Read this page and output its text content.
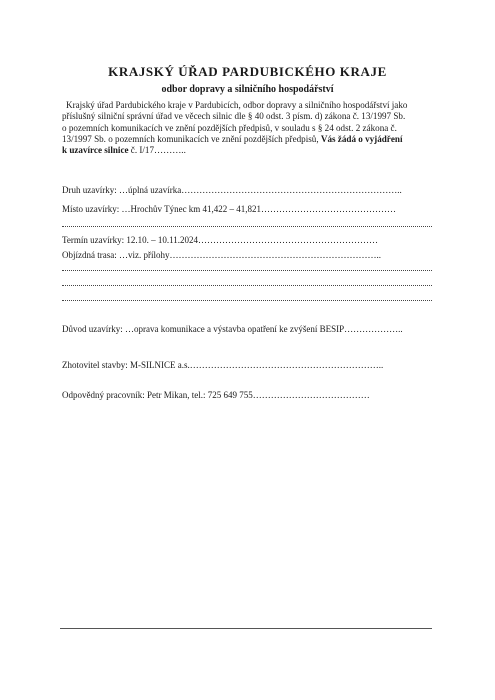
KRAJSKÝ ÚŘAD PARDUBICKÉHO KRAJE
odbor dopravy a silničního hospodářství
Krajský úřad Pardubického kraje v Pardubicích, odbor dopravy a silničního hospodářství jako
příslušný silniční správní úřad ve věcech silnic dle § 40 odst. 3 písm. d) zákona č. 13/1997 Sb.
o pozemních komunikacích ve znění pozdějších předpisů, v souladu s § 24 odst. 2 zákona č.
13/1997 Sb. o pozemních komunikacích ve znění pozdějších předpisů, Vás žádá o vyjádření
k uzavírce silnice č. I/17………..
Druh uzavírky: …úplná uzavírka………………………………………………………………..
Místo uzavírky: …Hrochův Týnec km 41,422 – 41,821………………………………………
Termín uzavírky: 12.10. – 10.11.2024……………………………………………………
Objízdná trasa: …viz. přílohy……………………………………………………………..
Důvod uzavírky: …oprava komunikace a výstavba opatření ke zvýšení BESIP………………..
Zhotovitel stavby: M-SILNICE a.s.………………………………………………………..
Odpovědný pracovník: Petr Mikan, tel.: 725 649 755…………………………………
